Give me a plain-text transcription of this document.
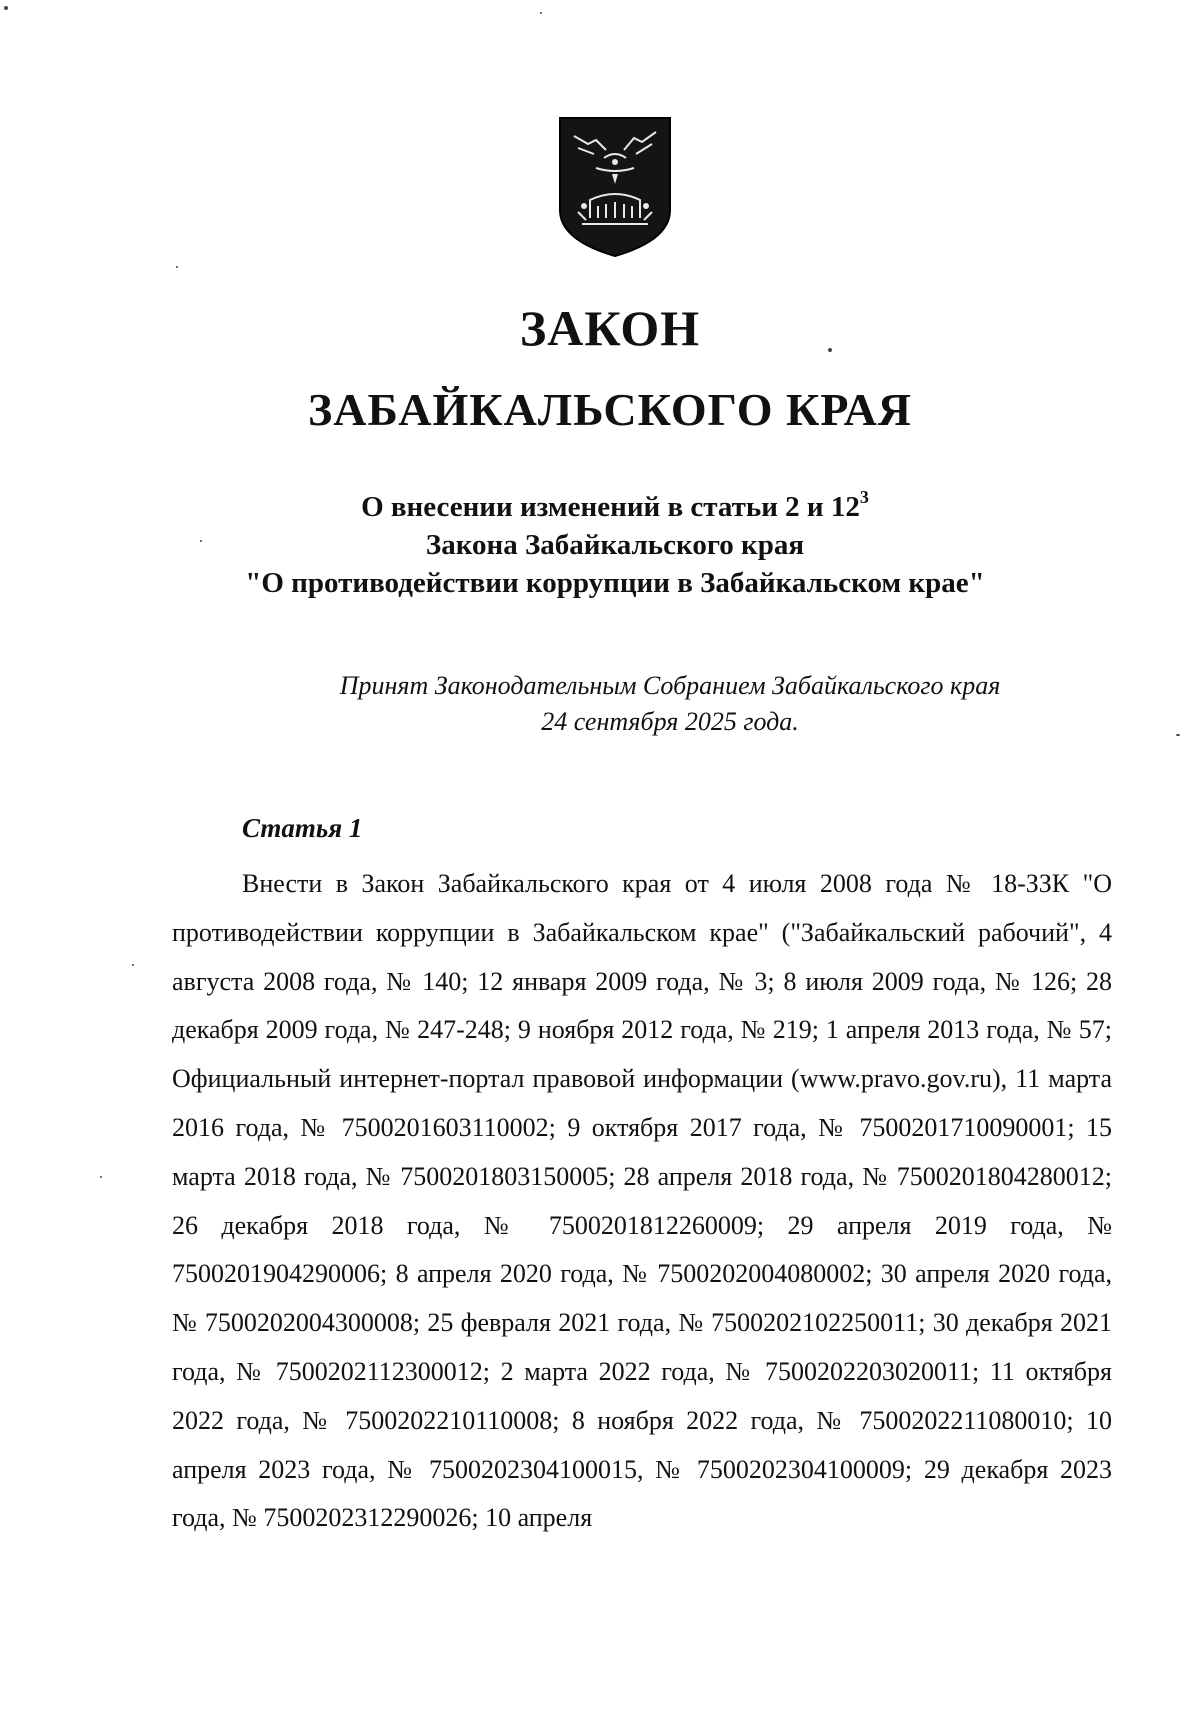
ЗАКОН
ЗАБАЙКАЛЬСКОГО КРАЯ
О внесении изменений в статьи 2 и $12^3$
Закона Забайкальского края
"О противодействии коррупции в Забайкальском крае"
Принят Законодательным Собранием Забайкальского края
24 сентября 2025 года.
Статья 1

Внести в Закон Забайкальского края от 4 июля 2008 года № 18-ЗЗК "О противодействии коррупции в Забайкальском крае" ("Забайкальский рабочий", 4 августа 2008 года, № 140; 12 января 2009 года, № 3; 8 июля 2009 года, № 126; 28 декабря 2009 года, № 247-248; 9 ноября 2012 года, № 219; 1 апреля 2013 года, № 57; Официальный интернет-портал правовой информации (www.pravo.gov.ru), 11 марта 2016 года, № 7500201603110002; 9 октября 2017 года, № 7500201710090001; 15 марта 2018 года, № 7500201803150005; 28 апреля 2018 года, № 7500201804280012; 26 декабря 2018 года, № 7500201812260009; 29 апреля 2019 года, № 7500201904290006; 8 апреля 2020 года, № 7500202004080002; 30 апреля 2020 года, № 7500202004300008; 25 февраля 2021 года, № 7500202102250011; 30 декабря 2021 года, № 7500202112300012; 2 марта 2022 года, № 7500202203020011; 11 октября 2022 года, № 7500202210110008; 8 ноября 2022 года, № 7500202211080010; 10 апреля 2023 года, № 7500202304100015, № 7500202304100009; 29 декабря 2023 года, № 7500202312290026; 10 апреля
